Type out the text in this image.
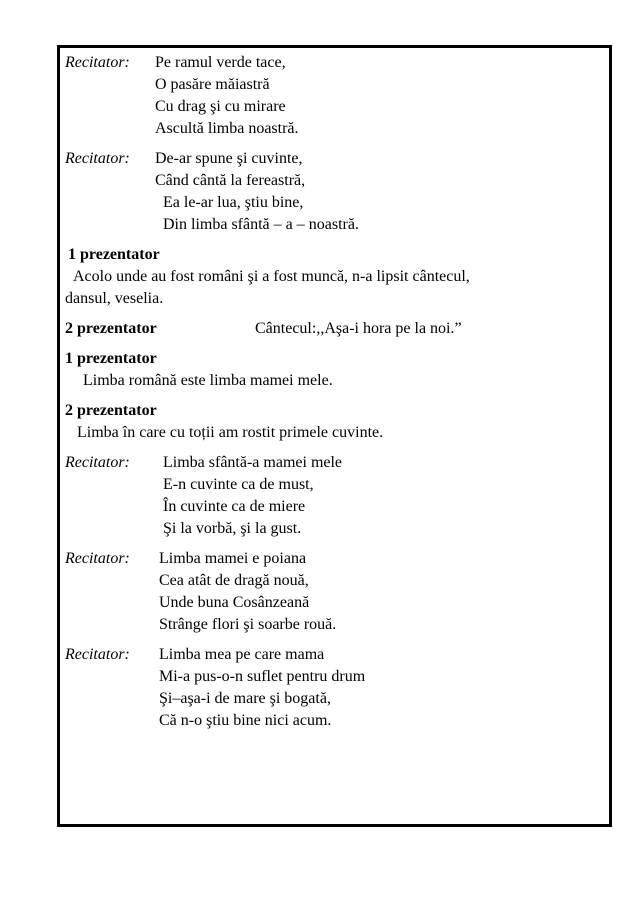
Recitator:	Pe ramul verde tace,
O pasăre măiastră
Cu drag şi cu mirare
Ascultă limba noastră.
Recitator:	De-ar spune şi cuvinte,
Când cântă la fereastră,
Ea le-ar lua, ştiu bine,
Din limba sfântă – a – noastră.
1 prezentator
Acolo unde au fost români şi a fost muncă, n-a lipsit cântecul,
dansul, veselia.
2 prezentator	Cântecul:,,Aşa-i hora pe la noi.”
1 prezentator
Limba română este limba mamei mele.
2 prezentator
Limba în care cu toții am rostit primele cuvinte.
Recitator:	Limba sfântă-a mamei mele
E-n cuvinte ca de must,
În cuvinte ca de miere
Şi la vorbă, şi la gust.
Recitator:	Limba mamei e poiana
Cea atât de dragă nouă,
Unde buna Cosânzeană
Strânge flori şi soarbe rouă.
Recitator:	Limba mea pe care mama
Mi-a pus-o-n suflet pentru drum
Şi–aşa-i de mare şi bogată,
Că n-o ştiu bine nici acum.
